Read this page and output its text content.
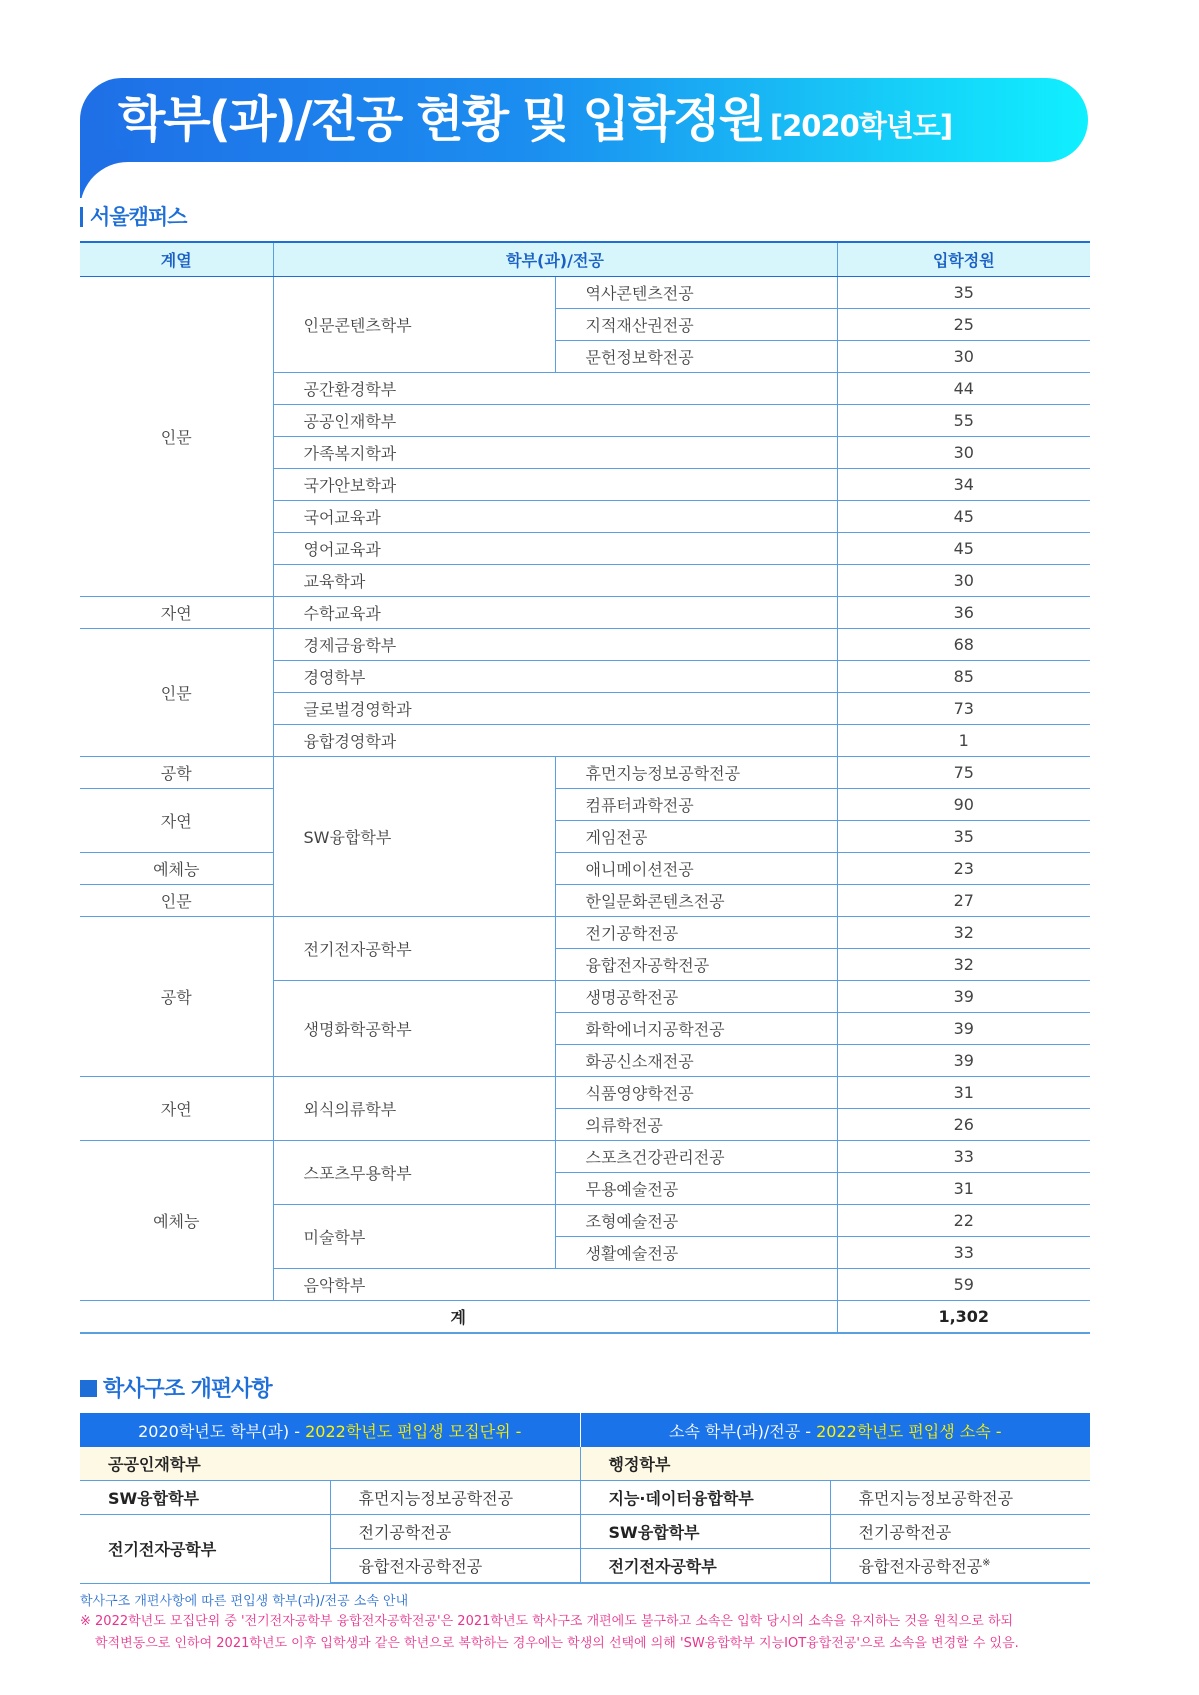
학부(과)/전공 현황 및 입학정원 [2020학년도]
서울캠퍼스
계열	학부(과)/전공		입학정원
인문	인문콘텐츠학부	역사콘텐츠전공	35
		지적재산권전공	25
		문헌정보학전공	30
	공간환경학부		44
	공공인재학부		55
	가족복지학과		30
	국가안보학과		34
	국어교육과		45
	영어교육과		45
	교육학과		30
자연	수학교육과		36
인문	경제금융학부		68
	경영학부		85
	글로벌경영학과		73
	융합경영학과		1
공학	SW융합학부	휴먼지능정보공학전공	75
자연		컴퓨터과학전공	90
		게임전공	35
예체능		애니메이션전공	23
인문		한일문화콘텐츠전공	27
공학	전기전자공학부	전기공학전공	32
		융합전자공학전공	32
	생명화학공학부	생명공학전공	39
		화학에너지공학전공	39
		화공신소재전공	39
자연	외식의류학부	식품영양학전공	31
		의류학전공	26
예체능	스포츠무용학부	스포츠건강관리전공	33
		무용예술전공	31
	미술학부	조형예술전공	22
		생활예술전공	33
	음악학부		59
계			1,302
학사구조 개편사항
2020학년도 학부(과) - 2022학년도 편입생 모집단위 -		소속 학부(과)/전공 - 2022학년도 편입생 소속 -	
공공인재학부		행정학부	
SW융합학부	휴먼지능정보공학전공	지능·데이터융합학부	휴먼지능정보공학전공
전기전자공학부	전기공학전공	SW융합학부	전기공학전공
	융합전자공학전공	전기전자공학부	융합전자공학전공※
학사구조 개편사항에 따른 편입생 학부(과)/전공 소속 안내
※ 2022학년도 모집단위 중 '전기전자공학부 융합전자공학전공'은 2021학년도 학사구조 개편에도 불구하고 소속은 입학 당시의 소속을 유지하는 것을 원칙으로 하되
학적변동으로 인하여 2021학년도 이후 입학생과 같은 학년으로 복학하는 경우에는 학생의 선택에 의해 'SW융합학부 지능IOT융합전공'으로 소속을 변경할 수 있음.
